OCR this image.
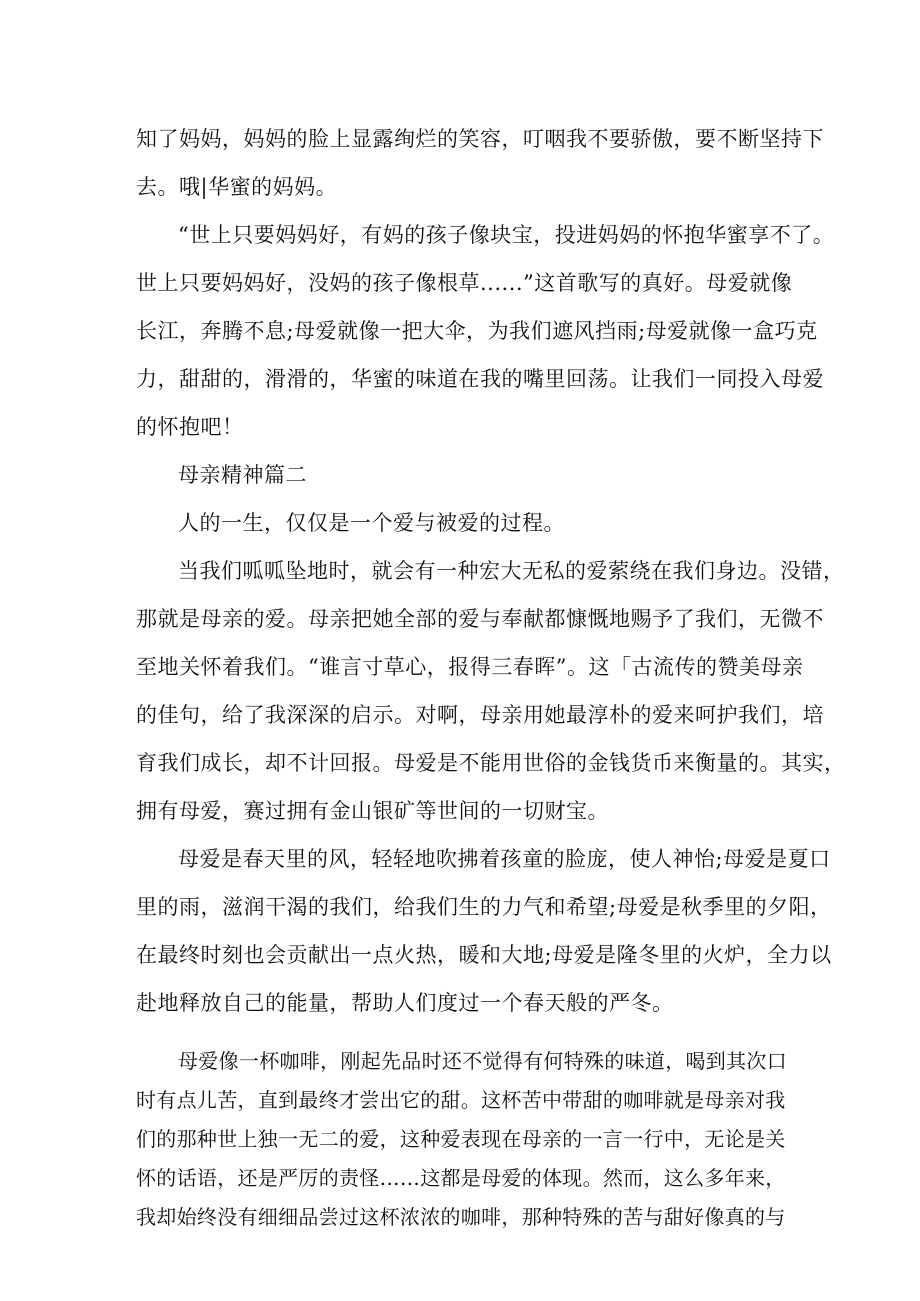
知了妈妈，妈妈的脸上显露绚烂的笑容，叮咽我不要骄傲，要不断坚持下
去。哦|华蜜的妈妈。
“世上只要妈妈好，有妈的孩子像块宝，投进妈妈的怀抱华蜜享不了。
世上只要妈妈好，没妈的孩子像根草......”这首歌写的真好。母爱就像
长江，奔腾不息;母爱就像一把大伞，为我们遮风挡雨;母爱就像一盒巧克
力，甜甜的，滑滑的，华蜜的味道在我的嘴里回荡。让我们一同投入母爱
的怀抱吧！
母亲精神篇二
人的一生，仅仅是一个爱与被爱的过程。
当我们呱呱坠地时，就会有一种宏大无私的爱萦绕在我们身边。没错，
那就是母亲的爱。母亲把她全部的爱与奉献都慷慨地赐予了我们，无微不
至地关怀着我们。“谁言寸草心，报得三春晖”。这「古流传的赞美母亲
的佳句，给了我深深的启示。对啊，母亲用她最淳朴的爱来呵护我们，培
育我们成长，却不计回报。母爱是不能用世俗的金钱货币来衡量的。其实，
拥有母爱，赛过拥有金山银矿等世间的一切财宝。
母爱是春天里的风，轻轻地吹拂着孩童的脸庞，使人神怡;母爱是夏口
里的雨，滋润干渴的我们，给我们生的力气和希望;母爱是秋季里的夕阳，
在最终时刻也会贡献出一点火热，暖和大地;母爱是隆冬里的火炉，全力以
赴地释放自己的能量，帮助人们度过一个春天般的严冬。
母爱像一杯咖啡，刚起先品时还不觉得有何特殊的味道，喝到其次口
时有点儿苦，直到最终才尝出它的甜。这杯苦中带甜的咖啡就是母亲对我
们的那种世上独一无二的爱，这种爱表现在母亲的一言一行中，无论是关
怀的话语，还是严厉的责怪……这都是母爱的体现。然而，这么多年来，
我却始终没有细细品尝过这杯浓浓的咖啡，那种特殊的苦与甜好像真的与
